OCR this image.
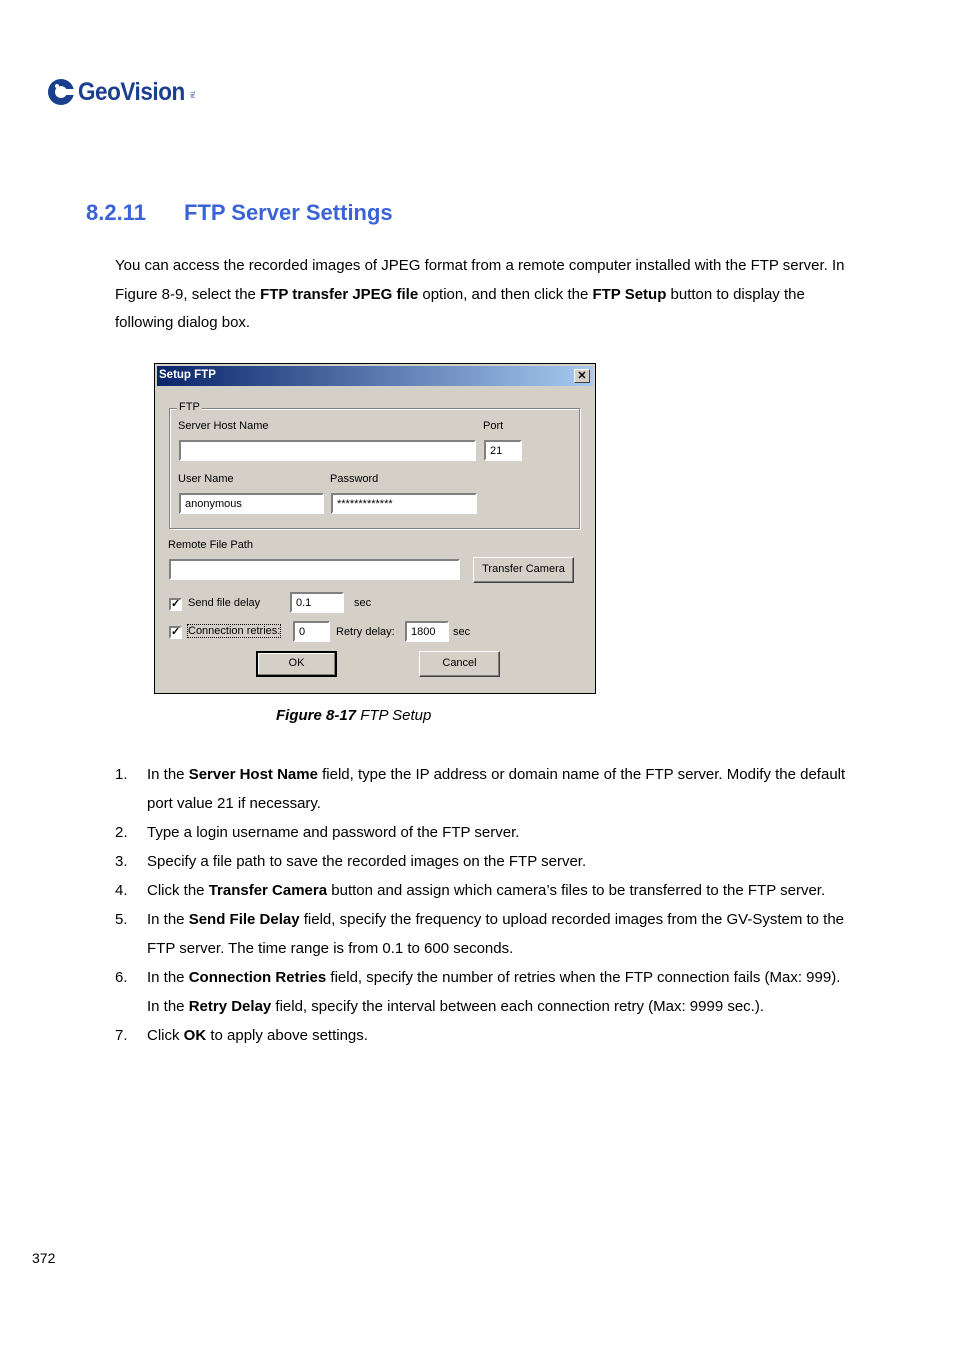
GeoVision TM
8.2.11 FTP Server Settings

You can access the recorded images of JPEG format from a remote computer installed with the FTP server. In Figure 8-9, select the FTP transfer JPEG file option, and then click the FTP Setup button to display the following dialog box.

Setup FTP	✕
FTP
Server Host Name	Port
21
User Name
anonymous
Password
*************
Remote File Path
Transfer Camera
✓ Send file delay	0.1	sec
✓ Connection retries:	0	Retry delay:	1800	sec
OK	Cancel
Figure 8-17 FTP Setup
1. In the Server Host Name field, type the IP address or domain name of the FTP server. Modify the default port value 21 if necessary.
2. Type a login username and password of the FTP server.
3. Specify a file path to save the recorded images on the FTP server.
4. Click the Transfer Camera button and assign which camera’s files to be transferred to the FTP server.
5. In the Send File Delay field, specify the frequency to upload recorded images from the GV-System to the FTP server. The time range is from 0.1 to 600 seconds.
6. In the Connection Retries field, specify the number of retries when the FTP connection fails (Max: 999). In the Retry Delay field, specify the interval between each connection retry (Max: 9999 sec.).
7. Click OK to apply above settings.
372
